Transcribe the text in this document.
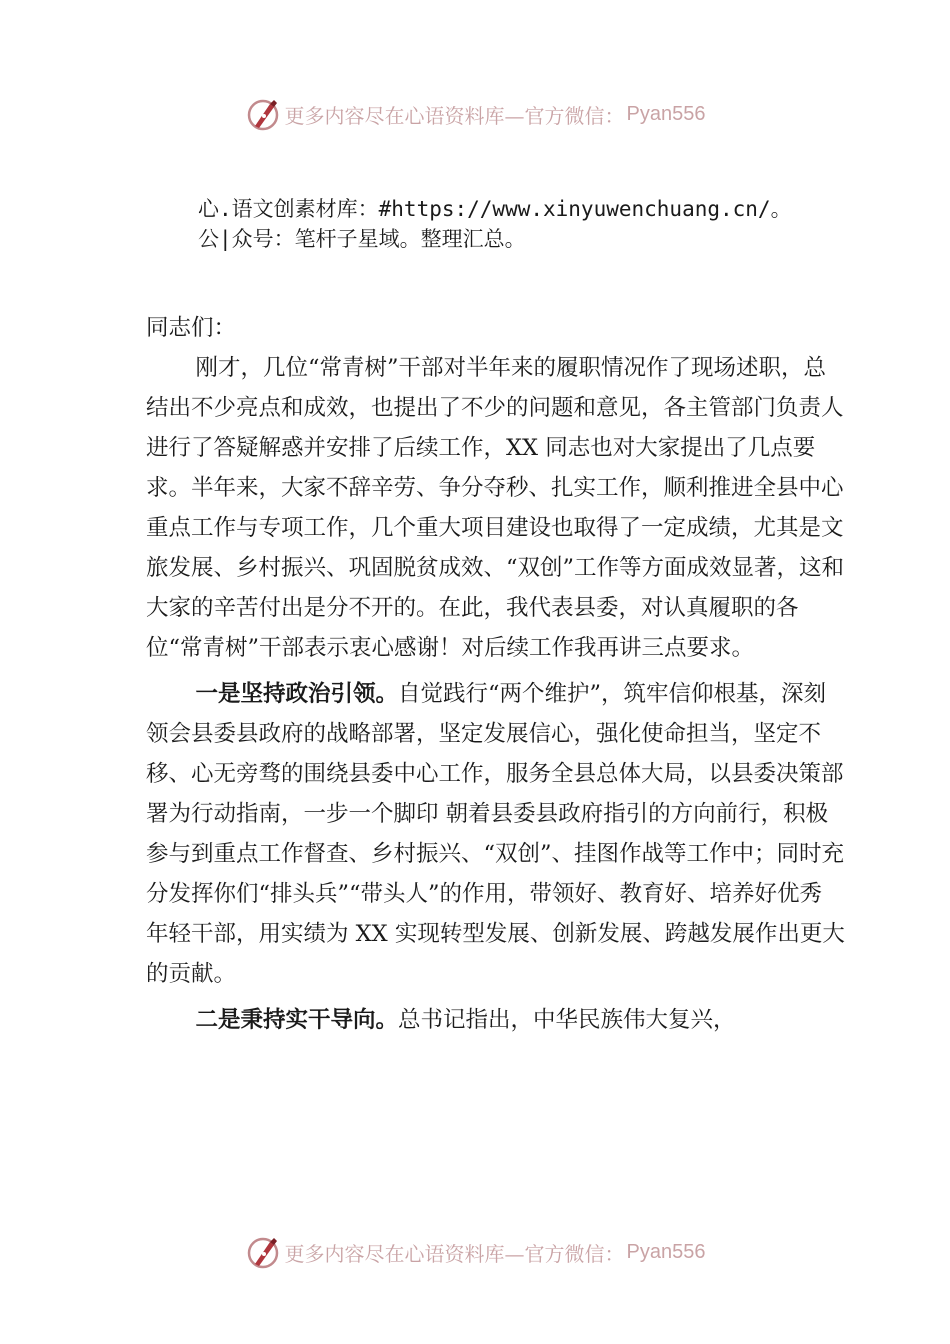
更多内容尽在心语资料库—官方微信： Pyan556
心.语文创素材库：#https://www.xinyuwenchuang.cn/。
公|众号：笔杆子星域。整理汇总。

同志们：

刚才，几位“常青树”干部对半年来的履职情况作了现场述职，总结出不少亮点和成效，也提出了不少的问题和意见，各主管部门负责人进行了答疑解惑并安排了后续工作，XX 同志也对大家提出了几点要求。半年来，大家不辞辛劳、争分夺秒、扎实工作，顺利推进全县中心重点工作与专项工作，几个重大项目建设也取得了一定成绩，尤其是文旅发展、乡村振兴、巩固脱贫成效、“双创”工作等方面成效显著，这和大家的辛苦付出是分不开的。在此，我代表县委，对认真履职的各位“常青树”干部表示衷心感谢！对后续工作我再讲三点要求。

一是坚持政治引领。自觉践行“两个维护”，筑牢信仰根基，深刻领会县委县政府的战略部署，坚定发展信心，强化使命担当，坚定不移、心无旁骛的围绕县委中心工作，服务全县总体大局，以县委决策部署为行动指南，一步一个脚印 朝着县委县政府指引的方向前行，积极参与到重点工作督查、乡村振兴、“双创”、挂图作战等工作中；同时充分发挥你们“排头兵”“带头人”的作用，带领好、教育好、培养好优秀 年轻干部，用实绩为 XX 实现转型发展、创新发展、跨越发展作出更大的贡献。

二是秉持实干导向。总书记指出，中华民族伟大复兴，

更多内容尽在心语资料库—官方微信： Pyan556
